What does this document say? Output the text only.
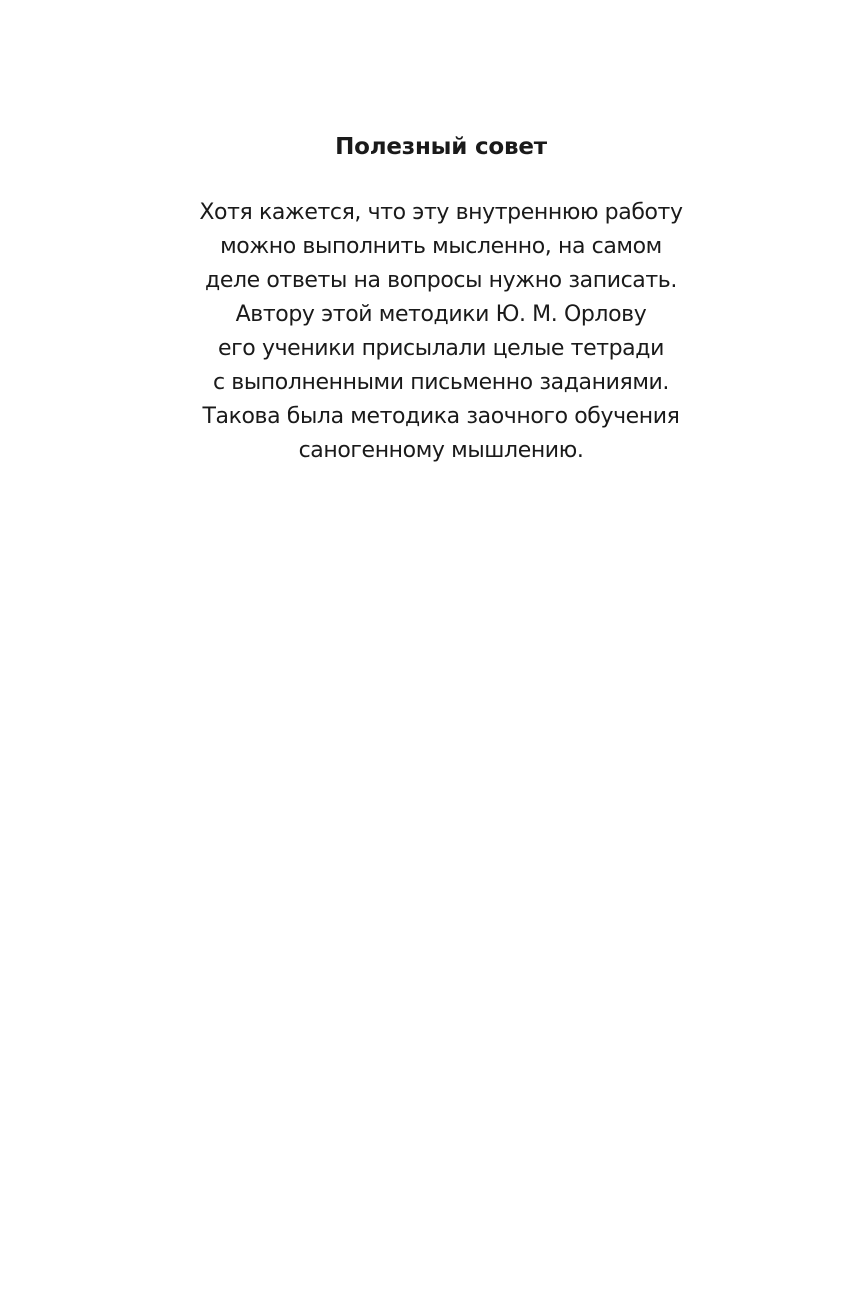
Полезный совет
Хотя кажется, что эту внутреннюю работу
можно выполнить мысленно, на самом
деле ответы на вопросы нужно записать.
Автору этой методики Ю. М. Орлову
его ученики присылали целые тетради
с выполненными письменно заданиями.
Такова была методика заочного обучения
саногенному мышлению.
